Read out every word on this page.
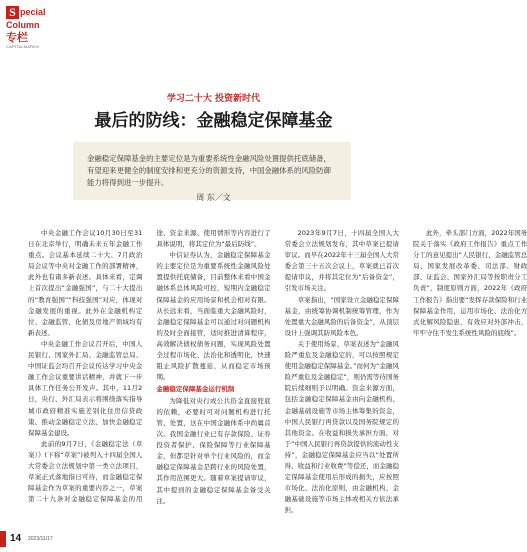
S pecial
Column
专栏
CAPITALMARKS
学习二十大 投资新时代
最后的防线：金融稳定保障基金

金融稳定保障基金的主要定位是为重要系统性金融风险处置提供托底储备，有望迎来更健全的制度安排和更充分的资源支持，中国金融体系的风险防御能力将得到进一步提升。

周 东／文

中央金融工作会议10月30日至31日在北京举行，明确未来五年金融工作重点。会议基本延续二十大、7月政治局会议等中央对金融工作的部署精神，此外也有诸多新表述。具体来看，定调上首次提出“金融强国”，与二十大提出的“教育强国”“科技强国”对应，体现对金融发展的重视。此外在金融机构定位、金融监管、化债及房地产领域均有新表述。

中央金融工作会议召开后，中国人民银行、国家外汇局、金融监管总局、中国证监会均召开会议传达学习中央金融工作会议重要讲话精神，并就下一步具体工作任务公开发声。其中，11月2日，央行、外汇局表示将围绕落实指导城市政府精准实施差别化住房信贷政策、推动金融稳定立法、加快金融稳定保障基金建设。

此前的9月7日，《金融稳定法（草案）》(下称“草案”)被列入十四届全国人大常委会立法规划中第一类立法项目，草案正式落地指日可待，而金融稳定保障基金作为草案的重要内容之一，草案第二十九条对金融稳定保障基金的用途、资金来源、使用情形等内容进行了具体说明，将其定位为“最后防线”。

中信证券认为，金融稳定保障基金的主要定位是为重要系统性金融风险处置提供托底储备，目前整体来看中国金融体系总体风险可控，短期内金融稳定保障基金的应用场景和机会相对有限。从长远来看，当面临重大金融风险时，金融稳定保障基金可以通过对问题机构的及时全面接管，适时推进清算程序，高效解决债权债务问题，实现风险处置全过程市场化、法治化和透明化，快速阻止风险扩散蔓延，从而稳定市场预期。

金融稳定保障基金运行机制

为降低对央行或公共资金直接兜底的依赖，必要时可对问题机构进行托管、处置，这在中国金融体系中尚属首次。我国金融行业已有存款保险、证券投资者保护、保险保障等行业保障基金，但都是针对单个行业风险的，而金融稳定保障基金是跨行业的风险处置，其作用范围更大。随着草案提请审议，其中提到的金融稳定保障基金备受关注。

2023年9月7日，十四届全国人大常委会立法规划发布，其中草案已提请审议。而早在2022年十三届全国人大常委会第三十五次会议上，草案就已首次提请审议，并将其定位为“后备资金”，引发市场关注。

草案指出，“国家设立金融稳定保障基金，由统筹协调机制统筹管理，作为处置重大金融风险的后备资金”，从顶层设计上强调其防风险本色。

关于使用场景，草案表述为“金融风险严重危及金融稳定的，可以按照规定使用金融稳定保障基金。”而何为“金融风险严重危及金融稳定”，则仍需等待国务院后续细则予以明确。资金来源方面，包括金融稳定保障基金由向金融机构、金融基础设施等市场主体筹集的资金，中国人民银行再贷款以及国务院规定的其他资金。在收益和损失承担方面，对于“中国人民银行再贷款提供的流动性支持”，金融稳定保障基金应当以“处置所得、收益和行业收费”等偿还，而金融稳定保障基金使用后形成的损失，应按照市场化、法治化原则，由金融机构、金融基础设施等市场主体或相关方依法承担。

此外，牵头部门方面，2022年国务院关于落实《政府工作报告》重点工作分工的意见提出“人民银行、金融监管总局、国家发展改革委、司法部、财政部、证监会、国家外汇局等按职责分工负责”，制度原则方面，2022年《政府工作报告》指出要“发挥存款保险和行业保障基金作用，运用市场化、法治化方式化解风险隐患，有效应对外部冲击，牢牢守住不发生系统性风险的底线”。

14 2023/11/17
